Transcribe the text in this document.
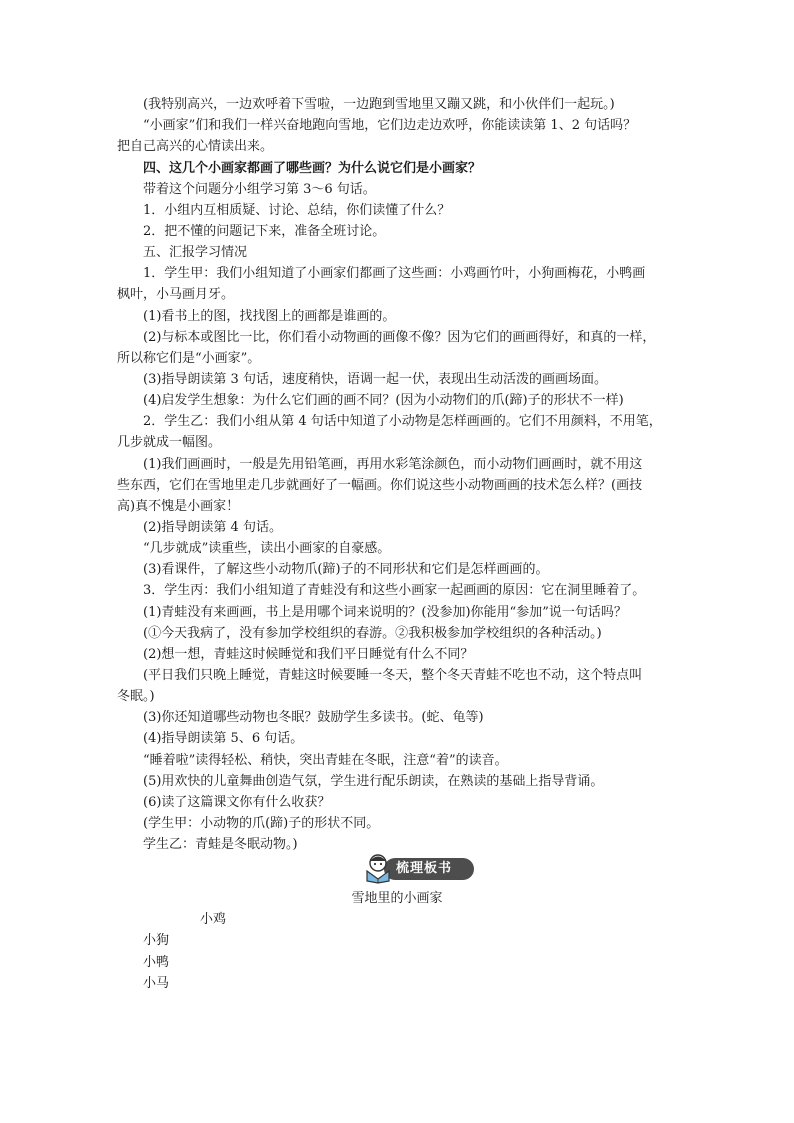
(我特别高兴，一边欢呼着下雪啦，一边跑到雪地里又蹦又跳，和小伙伴们一起玩。)

“小画家”们和我们一样兴奋地跑向雪地，它们边走边欢呼，你能读读第 1、2 句话吗？

把自己高兴的心情读出来。

四、这几个小画家都画了哪些画？为什么说它们是小画家？

带着这个问题分小组学习第 3～6 句话。

1．小组内互相质疑、讨论、总结，你们读懂了什么？

2．把不懂的问题记下来，准备全班讨论。

五、汇报学习情况

1．学生甲：我们小组知道了小画家们都画了这些画：小鸡画竹叶，小狗画梅花，小鸭画

枫叶，小马画月牙。

(1)看书上的图，找找图上的画都是谁画的。

(2)与标本或图比一比，你们看小动物画的画像不像？因为它们的画画得好，和真的一样，

所以称它们是“小画家”。

(3)指导朗读第 3 句话，速度稍快，语调一起一伏，表现出生动活泼的画画场面。

(4)启发学生想象：为什么它们画的画不同？(因为小动物们的爪(蹄)子的形状不一样)

2．学生乙：我们小组从第 4 句话中知道了小动物是怎样画画的。它们不用颜料，不用笔，

几步就成一幅图。

(1)我们画画时，一般是先用铅笔画，再用水彩笔涂颜色，而小动物们画画时，就不用这

些东西，它们在雪地里走几步就画好了一幅画。你们说这些小动物画画的技术怎么样？(画技

高)真不愧是小画家！

(2)指导朗读第 4 句话。

“几步就成”读重些，读出小画家的自豪感。

(3)看课件，了解这些小动物爪(蹄)子的不同形状和它们是怎样画画的。

3．学生丙：我们小组知道了青蛙没有和这些小画家一起画画的原因：它在洞里睡着了。

(1)青蛙没有来画画，书上是用哪个词来说明的？(没参加)你能用“参加”说一句话吗？

(①今天我病了，没有参加学校组织的春游。②我积极参加学校组织的各种活动。)

(2)想一想，青蛙这时候睡觉和我们平日睡觉有什么不同？

(平日我们只晚上睡觉，青蛙这时候要睡一冬天，整个冬天青蛙不吃也不动，这个特点叫

冬眠。)

(3)你还知道哪些动物也冬眠？鼓励学生多读书。(蛇、龟等)

(4)指导朗读第 5、6 句话。

“睡着啦”读得轻松、稍快，突出青蛙在冬眠，注意“着”的读音。

(5)用欢快的儿童舞曲创造气氛，学生进行配乐朗读，在熟读的基础上指导背诵。

(6)读了这篇课文你有什么收获？

(学生甲：小动物的爪(蹄)子的形状不同。

学生乙：青蛙是冬眠动物。)

梳理板书
雪地里的小画家
小鸡
小狗
小鸭
小马
